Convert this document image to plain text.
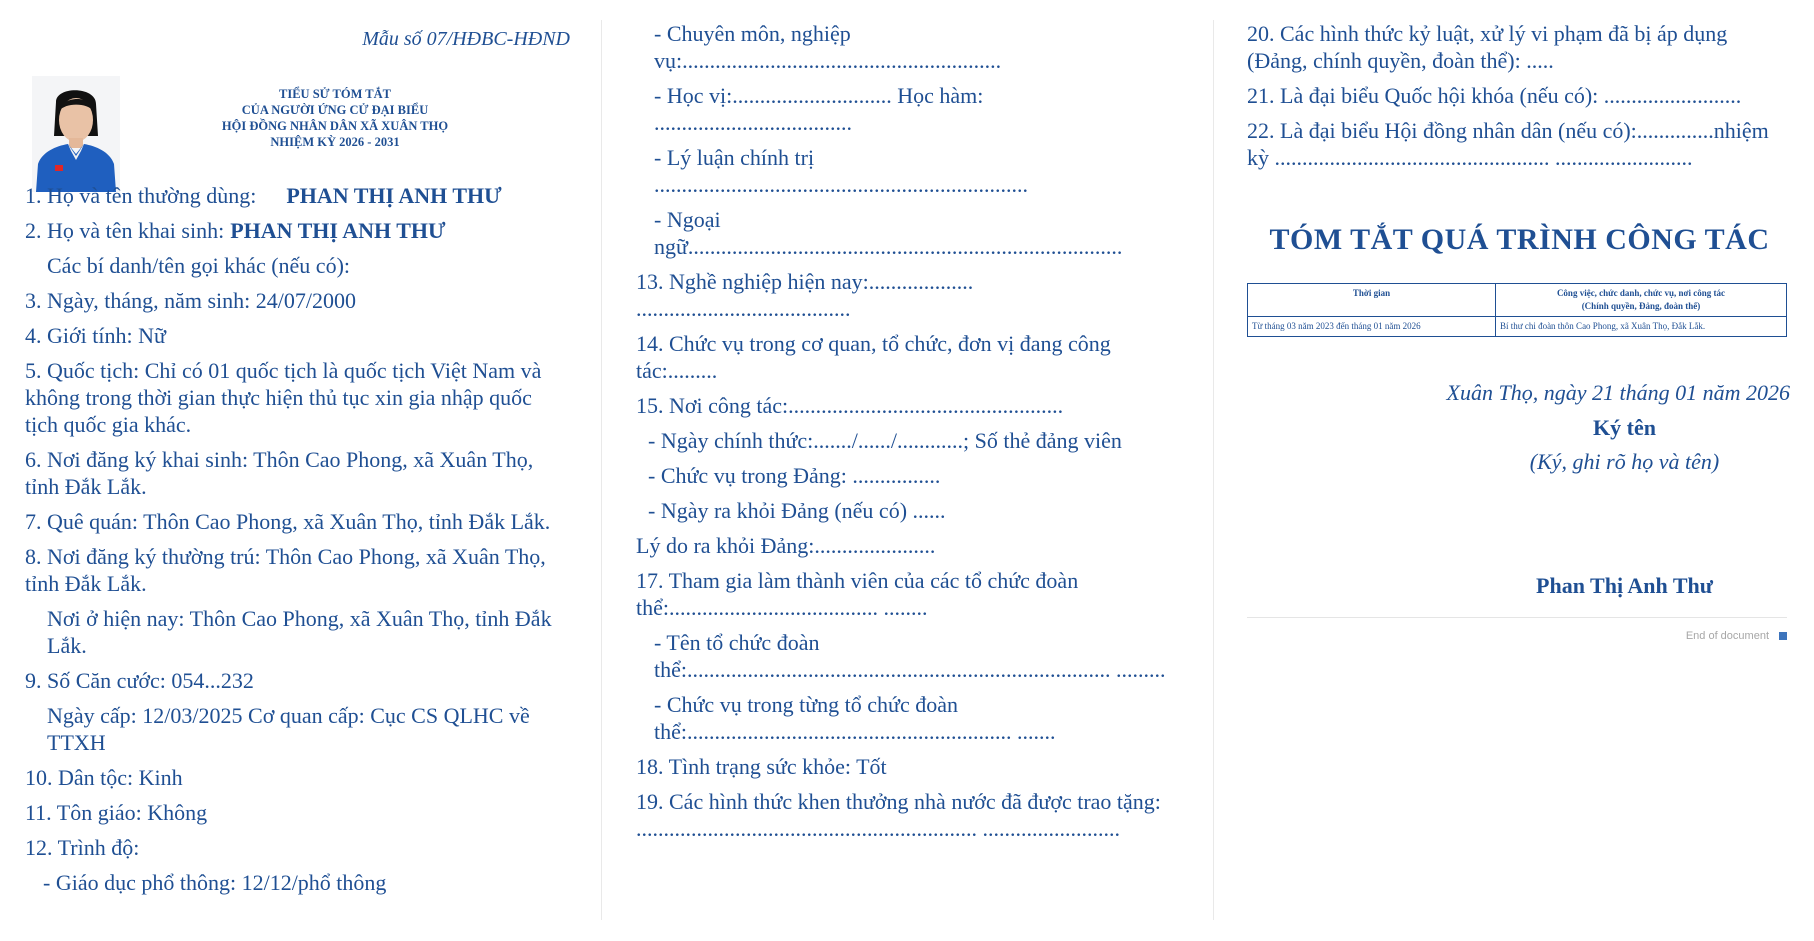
Mẫu số 07/HĐBC-HĐND
TIỂU SỬ TÓM TẮT
CỦA NGƯỜI ỨNG CỬ ĐẠI BIỂU
HỘI ĐỒNG NHÂN DÂN XÃ XUÂN THỌ
NHIỆM KỲ 2026 - 2031

1. Họ và tên thường dùng: PHAN THỊ ANH THƯ

2. Họ và tên khai sinh: PHAN THỊ ANH THƯ

Các bí danh/tên gọi khác (nếu có):

3. Ngày, tháng, năm sinh: 24/07/2000

4. Giới tính: Nữ

5. Quốc tịch: Chỉ có 01 quốc tịch là quốc tịch Việt Nam và không trong thời gian thực hiện thủ tục xin gia nhập quốc tịch quốc gia khác.

6. Nơi đăng ký khai sinh: Thôn Cao Phong, xã Xuân Thọ, tỉnh Đắk Lắk.

7. Quê quán: Thôn Cao Phong, xã Xuân Thọ, tỉnh Đắk Lắk.

8. Nơi đăng ký thường trú: Thôn Cao Phong, xã Xuân Thọ, tỉnh Đắk Lắk.

Nơi ở hiện nay: Thôn Cao Phong, xã Xuân Thọ, tỉnh Đắk Lắk.

9. Số Căn cước: 054...232

Ngày cấp: 12/03/2025 Cơ quan cấp: Cục CS QLHC về TTXH

10. Dân tộc: Kinh

11. Tôn giáo: Không

12. Trình độ:

- Giáo dục phổ thông: 12/12/phổ thông

- Chuyên môn, nghiệp vụ:..........................................................

- Học vị:............................. Học hàm: ....................................

- Lý luận chính trị ....................................................................

- Ngoại ngữ...............................................................................

13. Nghề nghiệp hiện nay:................... .......................................

14. Chức vụ trong cơ quan, tổ chức, đơn vị đang công tác:.........

15. Nơi công tác:..................................................

- Ngày chính thức:......./....../............; Số thẻ đảng viên

- Chức vụ trong Đảng: ................

- Ngày ra khỏi Đảng (nếu có) ......

Lý do ra khỏi Đảng:......................

17. Tham gia làm thành viên của các tổ chức đoàn thể:...................................... ........

- Tên tổ chức đoàn thể:............................................................................. .........

- Chức vụ trong từng tổ chức đoàn thể:........................................................... .......

18. Tình trạng sức khỏe: Tốt

19. Các hình thức khen thưởng nhà nước đã được trao tặng: .............................................................. .........................

20. Các hình thức kỷ luật, xử lý vi phạm đã bị áp dụng (Đảng, chính quyền, đoàn thể): .....

21. Là đại biểu Quốc hội khóa (nếu có): .........................

22. Là đại biểu Hội đồng nhân dân (nếu có):..............nhiệm kỳ .................................................. .........................

TÓM TẮT QUÁ TRÌNH CÔNG TÁC
Thời gian	Công việc, chức danh, chức vụ, nơi công tác
(Chính quyền, Đảng, đoàn thể)

Từ tháng 03 năm 2023 đến tháng 01 năm 2026	Bí thư chi đoàn thôn Cao Phong, xã Xuân Thọ, Đắk Lắk.
Xuân Thọ, ngày 21 tháng 01 năm 2026
Ký tên
(Ký, ghi rõ họ và tên)
Phan Thị Anh Thư
End of document
